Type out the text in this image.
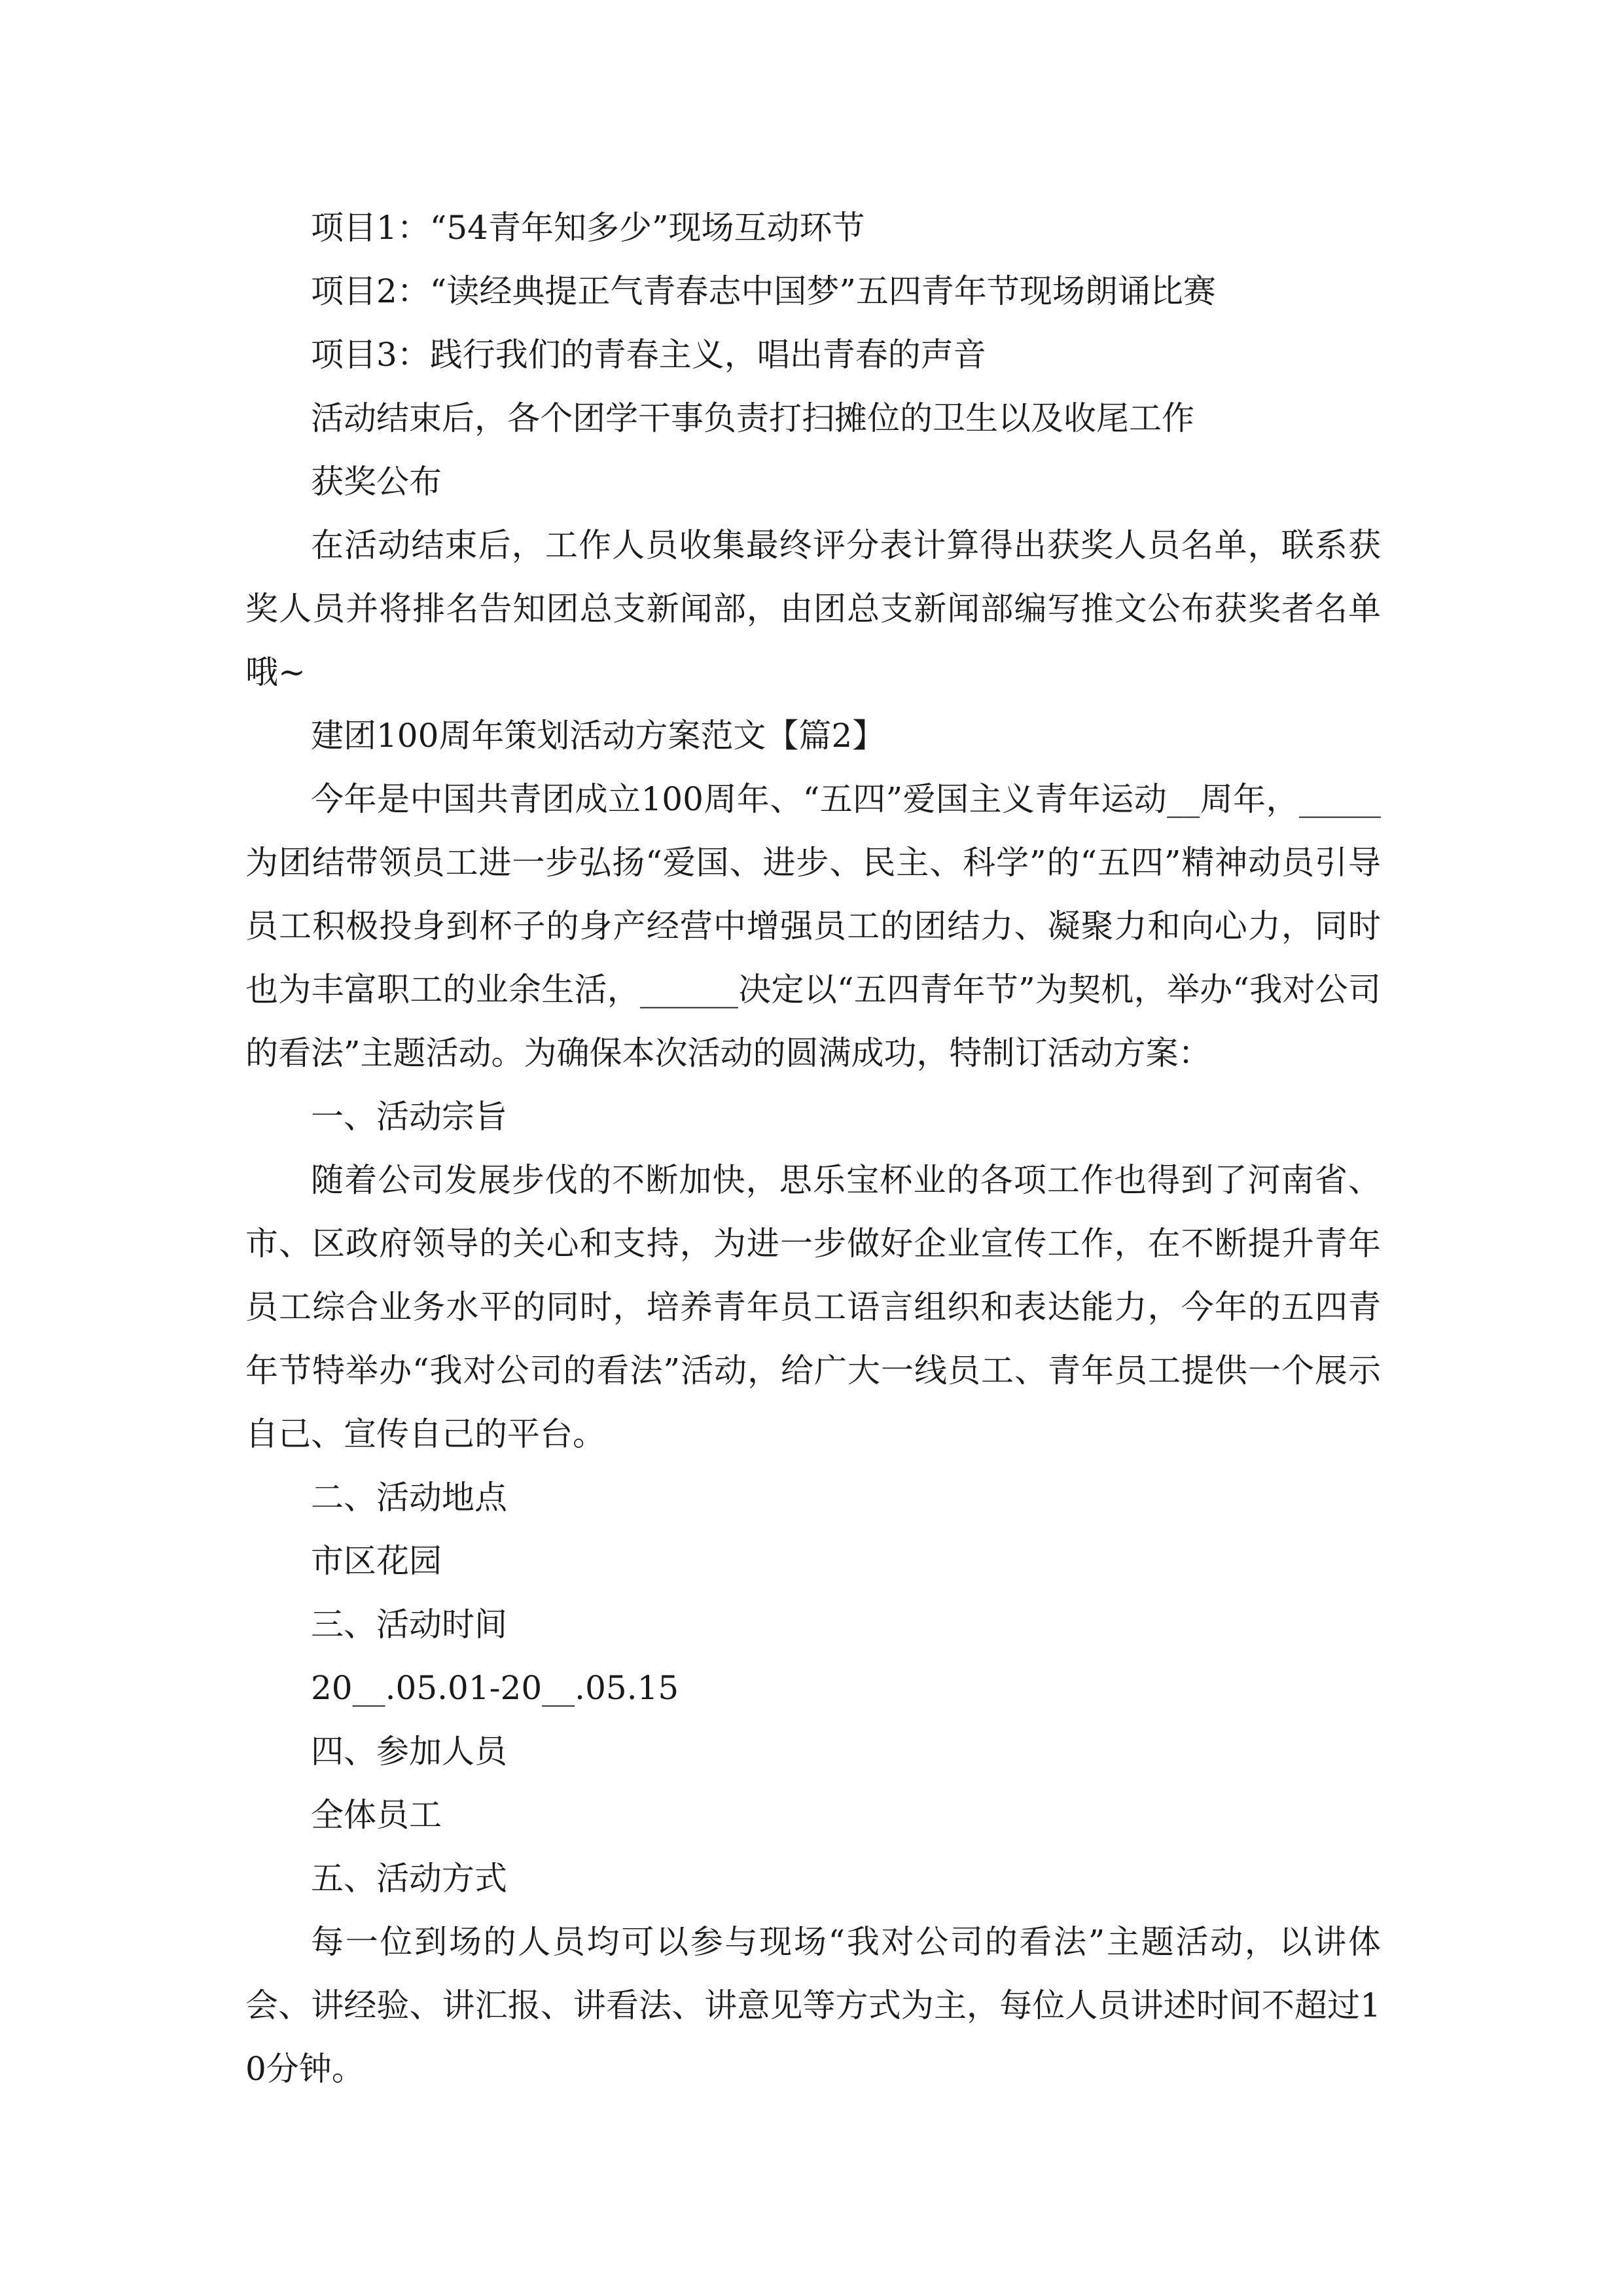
项目1：“54青年知多少”现场互动环节

项目2：“读经典提正气青春志中国梦”五四青年节现场朗诵比赛

项目3：践行我们的青春主义，唱出青春的声音

活动结束后，各个团学干事负责打扫摊位的卫生以及收尾工作

获奖公布

在活动结束后，工作人员收集最终评分表计算得出获奖人员名单，联系获奖人员并将排名告知团总支新闻部，由团总支新闻部编写推文公布获奖者名单哦~

建团100周年策划活动方案范文【篇2】

今年是中国共青团成立100周年、“五四”爱国主义青年运动__周年，_____为团结带领员工进一步弘扬“爱国、进步、民主、科学”的“五四”精神动员引导员工积极投身到杯子的身产经营中增强员工的团结力、凝聚力和向心力，同时也为丰富职工的业余生活，______决定以“五四青年节”为契机，举办“我对公司的看法”主题活动。为确保本次活动的圆满成功，特制订活动方案：

一、活动宗旨

随着公司发展步伐的不断加快，思乐宝杯业的各项工作也得到了河南省、市、区政府领导的关心和支持，为进一步做好企业宣传工作，在不断提升青年员工综合业务水平的同时，培养青年员工语言组织和表达能力，今年的五四青年节特举办“我对公司的看法”活动，给广大一线员工、青年员工提供一个展示自己、宣传自己的平台。

二、活动地点

市区花园

三、活动时间

20__.05.01-20__.05.15

四、参加人员

全体员工

五、活动方式

每一位到场的人员均可以参与现场“我对公司的看法”主题活动，以讲体会、讲经验、讲汇报、讲看法、讲意见等方式为主，每位人员讲述时间不超过10分钟。
